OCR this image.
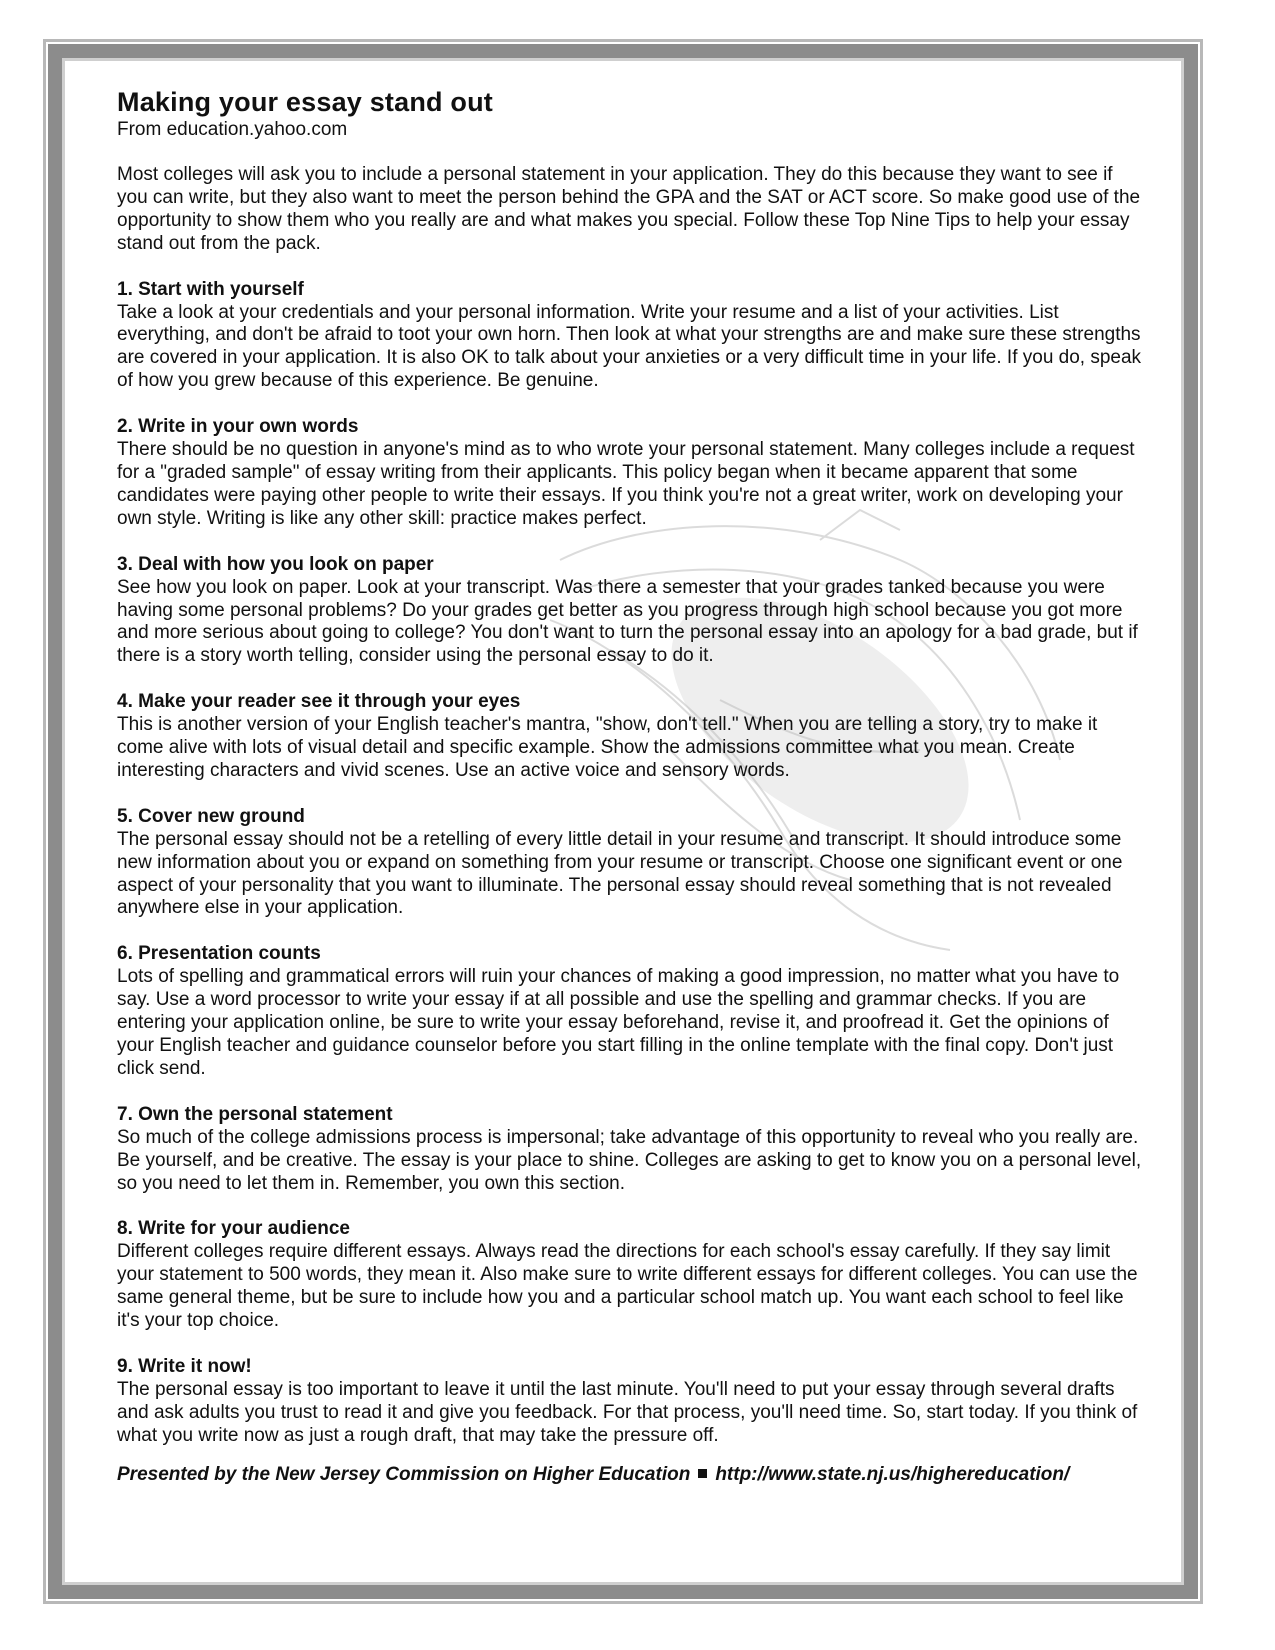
Making your essay stand out
From education.yahoo.com

Most colleges will ask you to include a personal statement in your application. They do this because they want to see if you can write, but they also want to meet the person behind the GPA and the SAT or ACT score. So make good use of the opportunity to show them who you really are and what makes you special. Follow these Top Nine Tips to help your essay stand out from the pack.

1. Start with yourself

Take a look at your credentials and your personal information. Write your resume and a list of your activities. List everything, and don't be afraid to toot your own horn. Then look at what your strengths are and make sure these strengths are covered in your application. It is also OK to talk about your anxieties or a very difficult time in your life. If you do, speak of how you grew because of this experience. Be genuine.

2. Write in your own words

There should be no question in anyone's mind as to who wrote your personal statement. Many colleges include a request for a "graded sample" of essay writing from their applicants. This policy began when it became apparent that some candidates were paying other people to write their essays. If you think you're not a great writer, work on developing your own style. Writing is like any other skill: practice makes perfect.

3. Deal with how you look on paper

See how you look on paper. Look at your transcript. Was there a semester that your grades tanked because you were having some personal problems? Do your grades get better as you progress through high school because you got more and more serious about going to college? You don't want to turn the personal essay into an apology for a bad grade, but if there is a story worth telling, consider using the personal essay to do it.

4. Make your reader see it through your eyes

This is another version of your English teacher's mantra, "show, don't tell." When you are telling a story, try to make it come alive with lots of visual detail and specific example. Show the admissions committee what you mean. Create interesting characters and vivid scenes. Use an active voice and sensory words.

5. Cover new ground

The personal essay should not be a retelling of every little detail in your resume and transcript. It should introduce some new information about you or expand on something from your resume or transcript. Choose one significant event or one aspect of your personality that you want to illuminate. The personal essay should reveal something that is not revealed anywhere else in your application.

6. Presentation counts

Lots of spelling and grammatical errors will ruin your chances of making a good impression, no matter what you have to say. Use a word processor to write your essay if at all possible and use the spelling and grammar checks. If you are entering your application online, be sure to write your essay beforehand, revise it, and proofread it. Get the opinions of your English teacher and guidance counselor before you start filling in the online template with the final copy. Don't just click send.

7. Own the personal statement

So much of the college admissions process is impersonal; take advantage of this opportunity to reveal who you really are. Be yourself, and be creative. The essay is your place to shine. Colleges are asking to get to know you on a personal level, so you need to let them in. Remember, you own this section.

8. Write for your audience

Different colleges require different essays. Always read the directions for each school's essay carefully. If they say limit your statement to 500 words, they mean it. Also make sure to write different essays for different colleges. You can use the same general theme, but be sure to include how you and a particular school match up. You want each school to feel like it's your top choice.

9. Write it now!

The personal essay is too important to leave it until the last minute. You'll need to put your essay through several drafts and ask adults you trust to read it and give you feedback. For that process, you'll need time. So, start today. If you think of what you write now as just a rough draft, that may take the pressure off.

Presented by the New Jersey Commission on Higher Education http://www.state.nj.us/highereducation/
